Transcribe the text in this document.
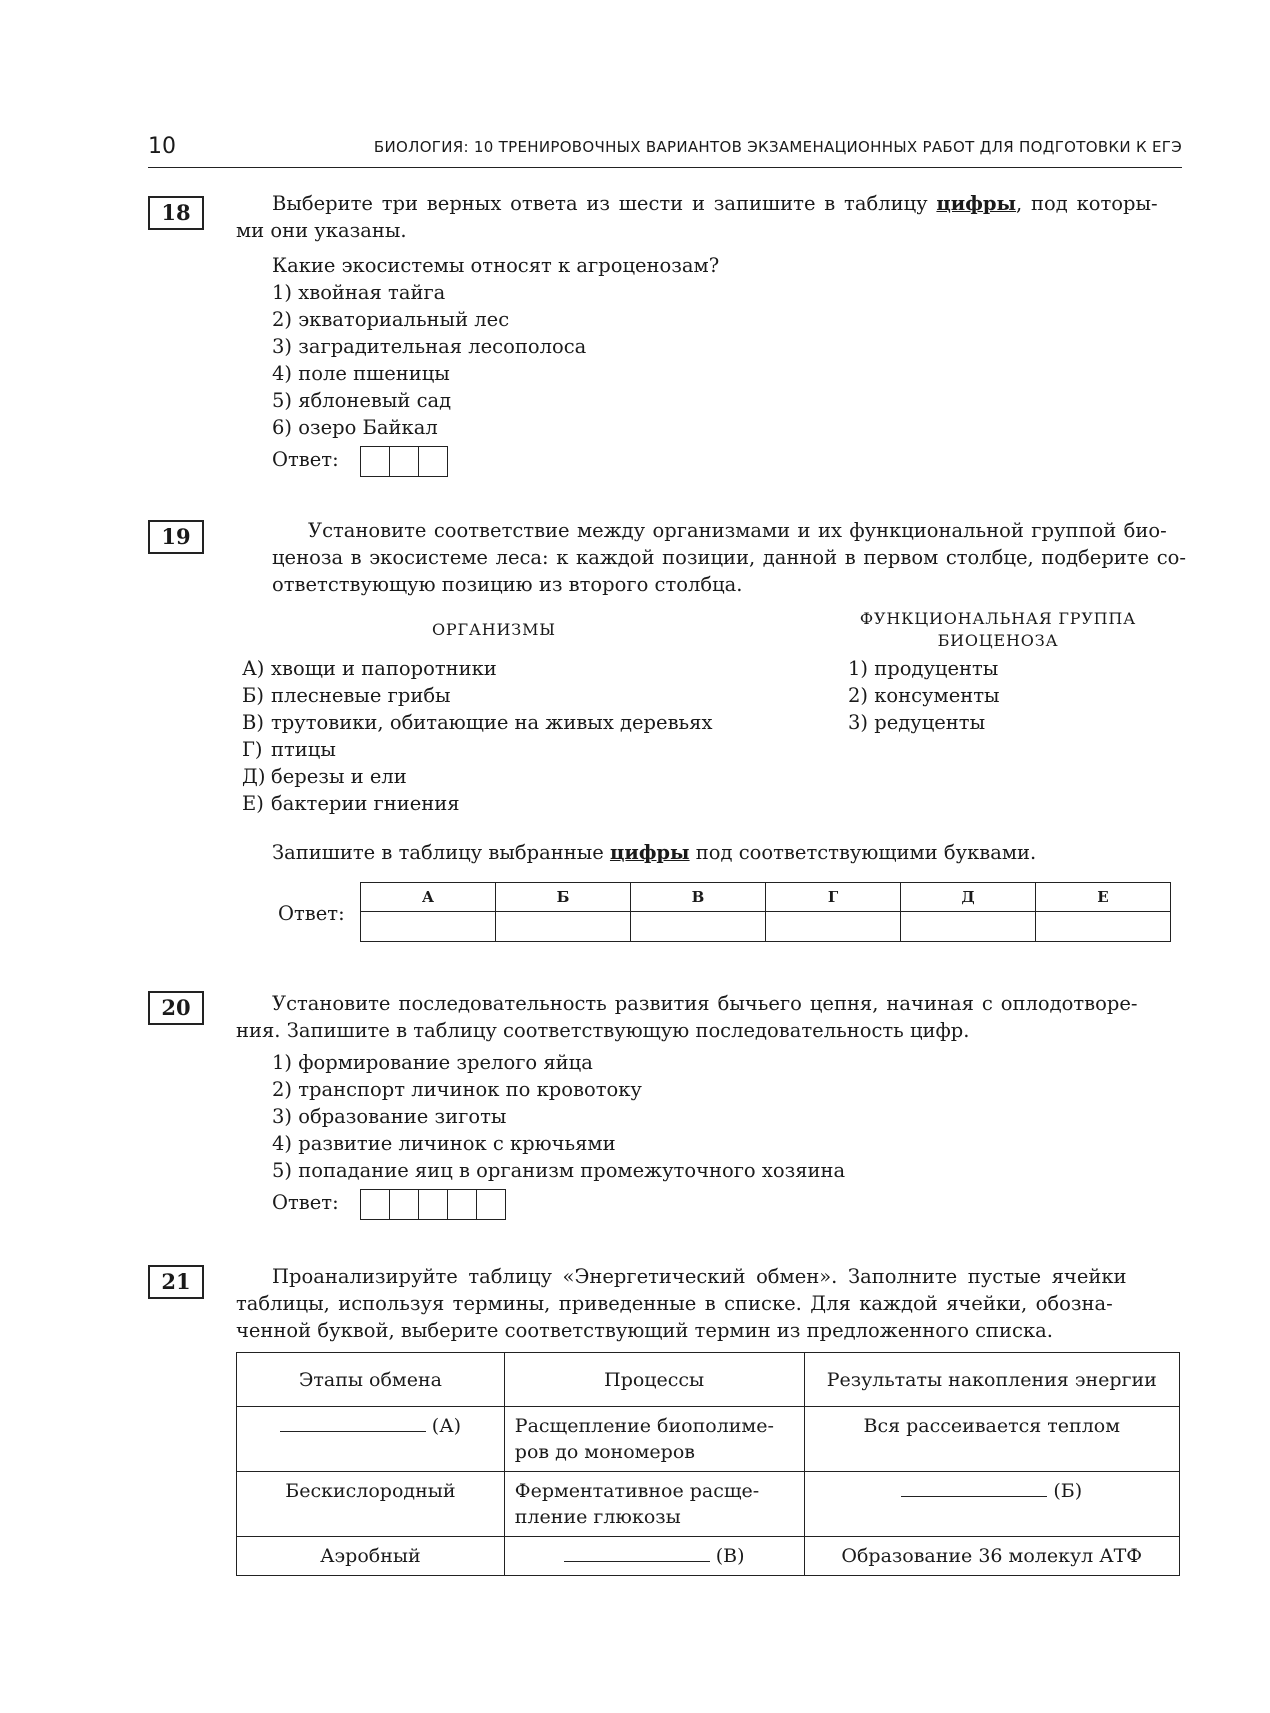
10	БИОЛОГИЯ: 10 ТРЕНИРОВОЧНЫХ ВАРИАНТОВ ЭКЗАМЕНАЦИОННЫХ РАБОТ ДЛЯ ПОДГОТОВКИ К ЕГЭ
18	Выберите три верных ответа из шести и запишите в таблицу цифры, под которы-
ми они указаны.
Какие экосистемы относят к агроценозам?
1) хвойная тайга
2) экваториальный лес
3) заградительная лесополоса
4) поле пшеницы
5) яблоневый сад
6) озеро Байкал
Ответ:
19	Установите соответствие между организмами и их функциональной группой био-
ценоза в экосистеме леса: к каждой позиции, данной в первом столбце, подберите со-
ответствующую позицию из второго столбца.
ОРГАНИЗМЫ
ФУНКЦИОНАЛЬНАЯ ГРУППА
БИОЦЕНОЗА
А) хвощи и папоротники
Б) плесневые грибы
В) трутовики, обитающие на живых деревьях
Г) птицы
Д) березы и ели
Е) бактерии гниения
1) продуценты
2) консументы
3) редуценты
Запишите в таблицу выбранные цифры под соответствующими буквами.
Ответ:
А	Б	В	Г	Д	Е

20	Установите последовательность развития бычьего цепня, начиная с оплодотворе-
ния. Запишите в таблицу соответствующую последовательность цифр.
1) формирование зрелого яйца
2) транспорт личинок по кровотоку
3) образование зиготы
4) развитие личинок с крючьями
5) попадание яиц в организм промежуточного хозяина
Ответ:
21	Проанализируйте таблицу «Энергетический обмен». Заполните пустые ячейки
таблицы, используя термины, приведенные в списке. Для каждой ячейки, обозна-
ченной буквой, выберите соответствующий термин из предложенного списка.
Этапы обмена	Процессы	Результаты накопления энергии
(А)	Расщепление биополиме-
ров до мономеров	Вся рассеивается теплом
Бескислородный	Ферментативное расще-
пление глюкозы	(Б)
Аэробный	(В)	Образование 36 молекул АТФ
